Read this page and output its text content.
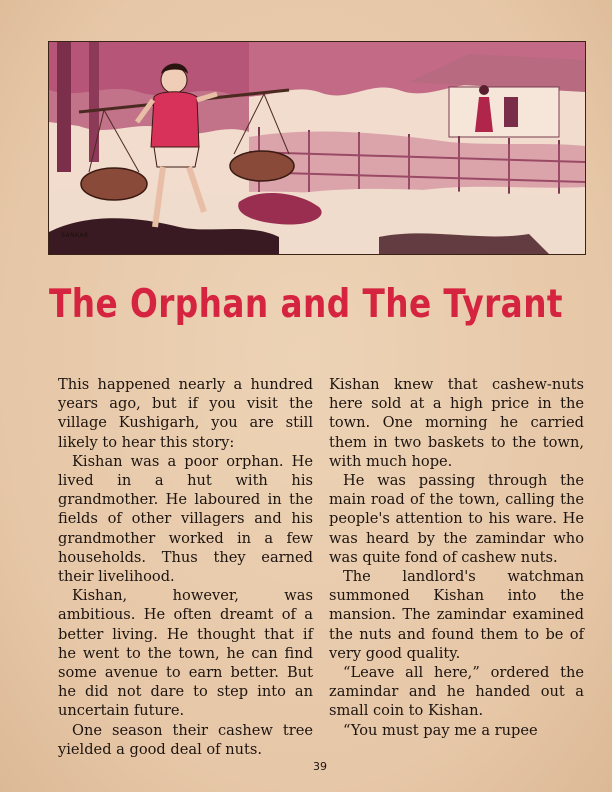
SANKAR
The Orphan and The Tyrant

This happened nearly a hundred years ago, but if you visit the village Kushigarh, you are still likely to hear this story:

Kishan was a poor orphan. He lived in a hut with his grandmother. He laboured in the fields of other villagers and his grandmother worked in a few households. Thus they earned their livelihood.

Kishan, however, was ambitious. He often dreamt of a better living. He thought that if he went to the town, he can find some avenue to earn better. But he did not dare to step into an uncertain future.

One season their cashew tree yielded a good deal of nuts.

Kishan knew that cashew-nuts here sold at a high price in the town. One morning he carried them in two baskets to the town, with much hope.

He was passing through the main road of the town, calling the people's attention to his ware. He was heard by the zamindar who was quite fond of cashew nuts.

The landlord's watchman summoned Kishan into the mansion. The zamindar examined the nuts and found them to be of very good quality.

“Leave all here,” ordered the zamindar and he handed out a small coin to Kishan.

“You must pay me a rupee

39
